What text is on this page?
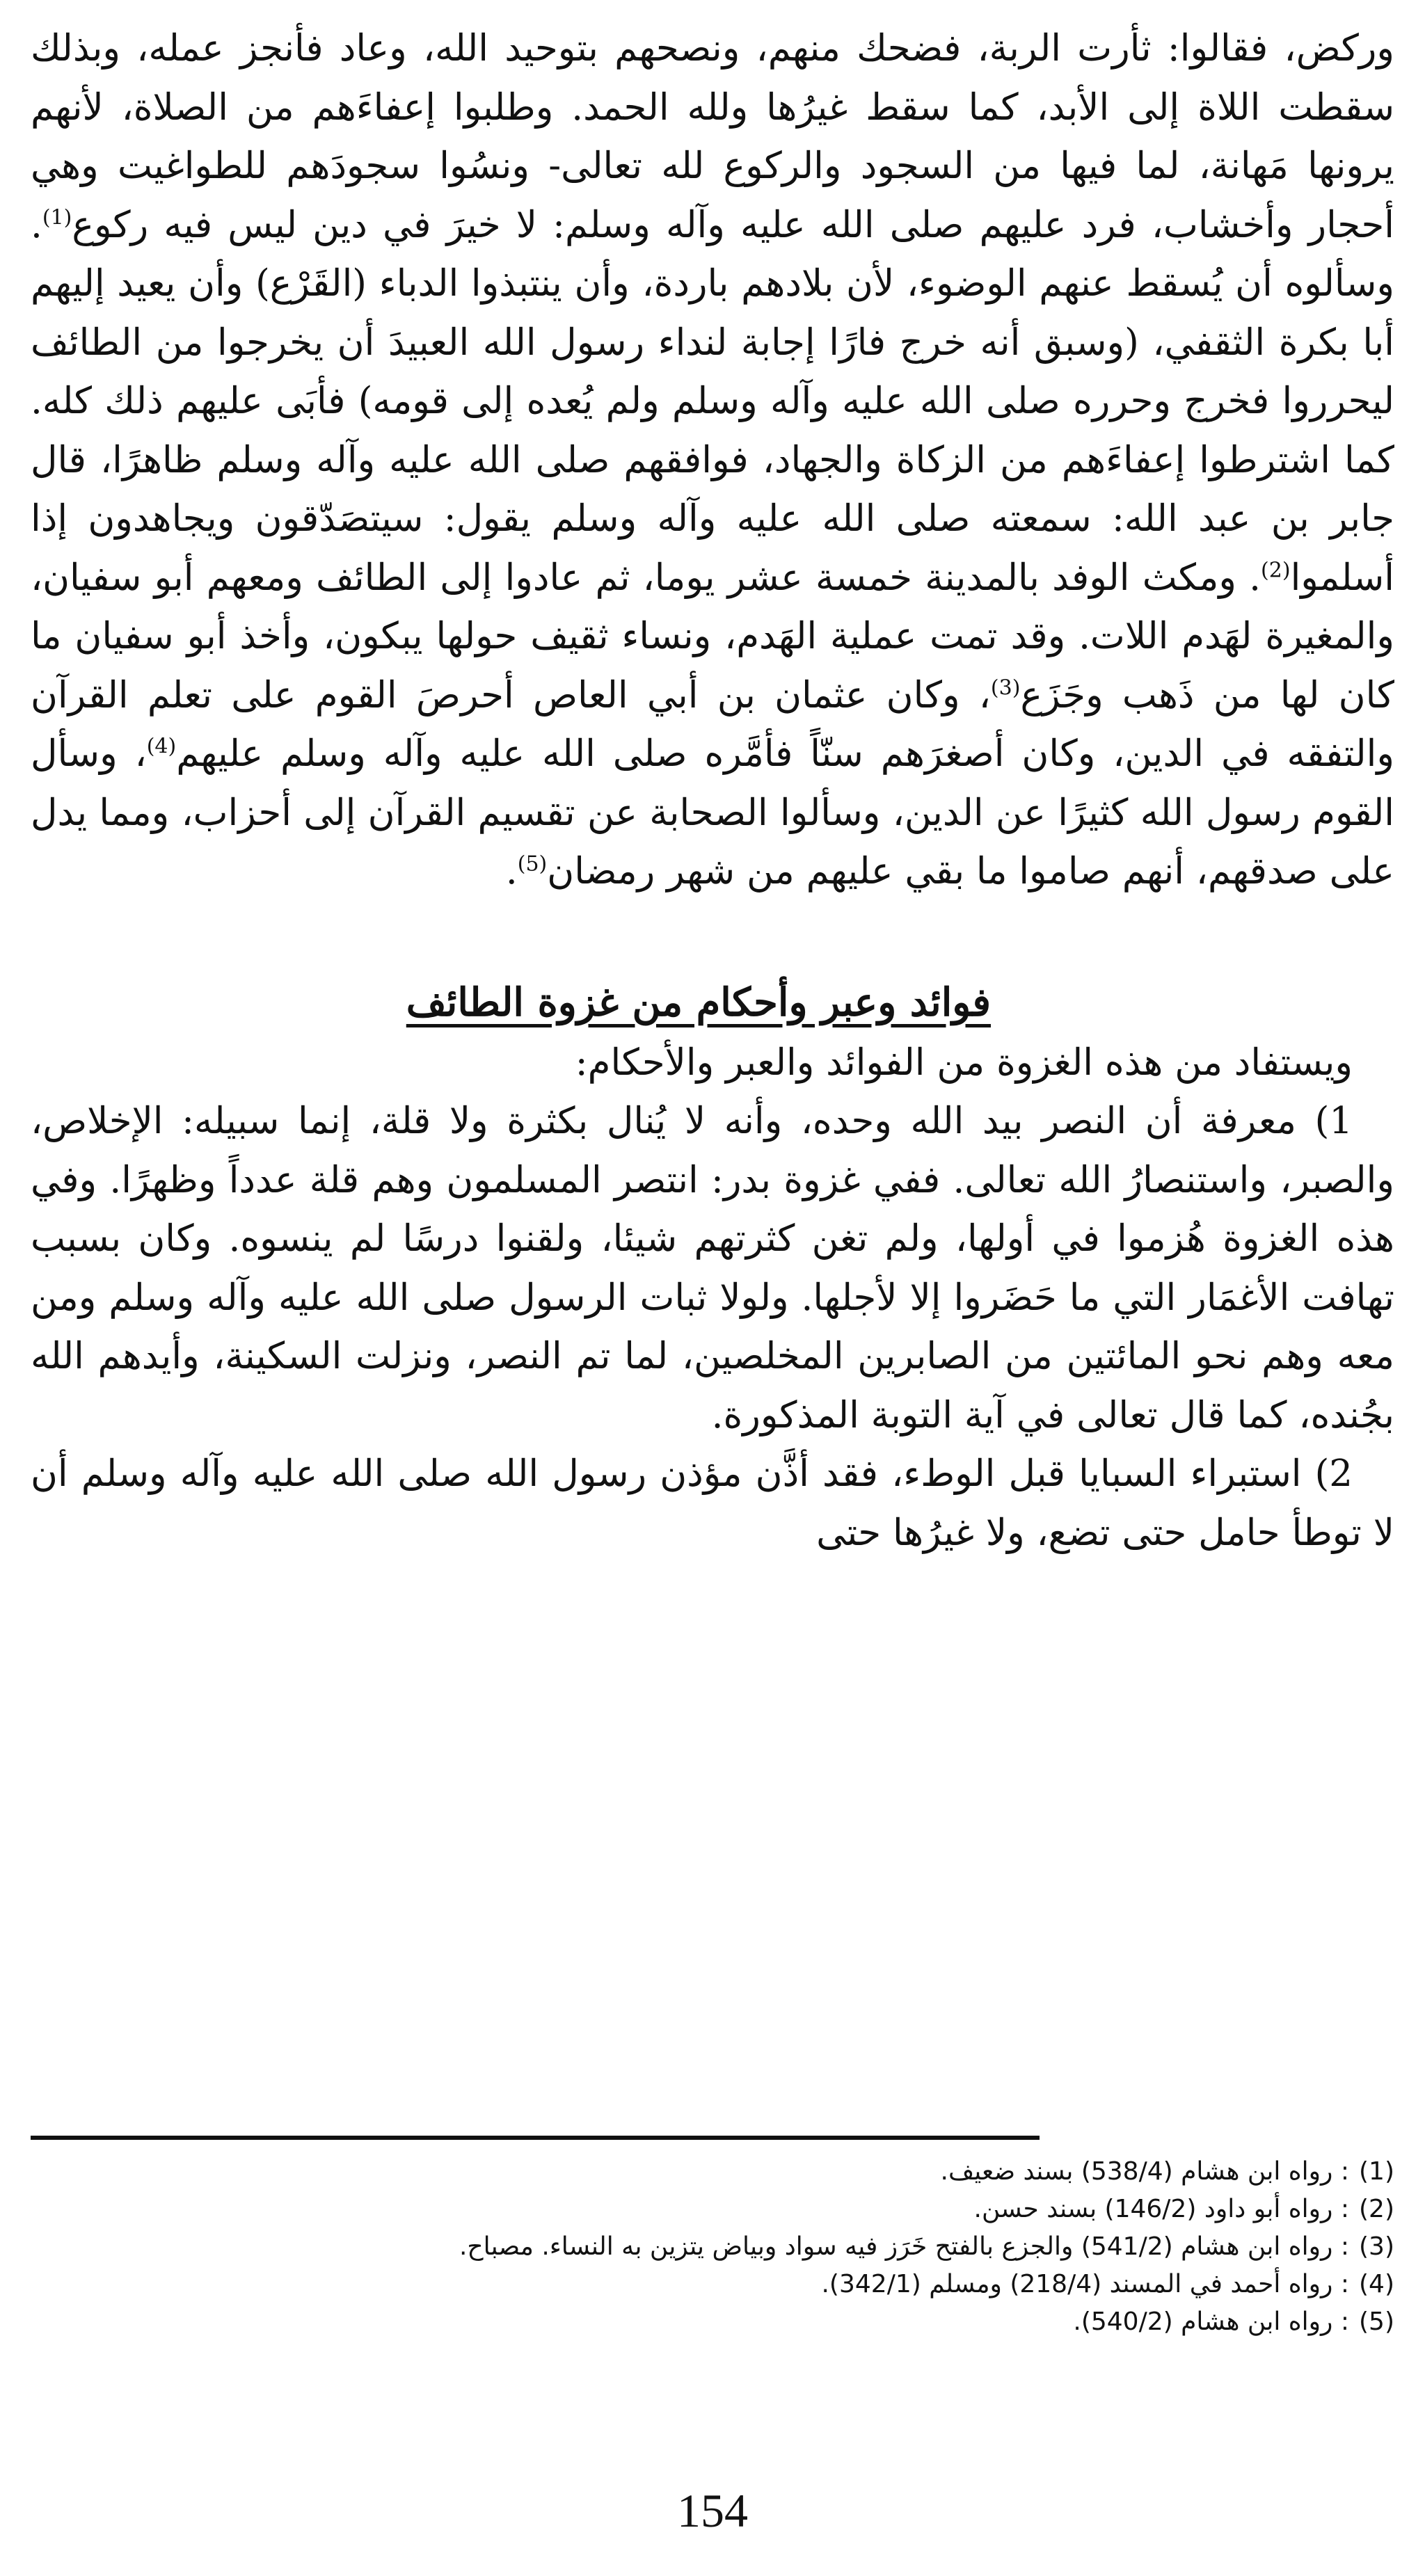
وركض، فقالوا: ثأرت الربة، فضحك منهم، ونصحهم بتوحيد الله، وعاد فأنجز عمله، وبذلك سقطت اللاة إلى الأبد، كما سقط غيرُها ولله الحمد. وطلبوا إعفاءَهم من الصلاة، لأنهم يرونها مَهانة، لما فيها من السجود والركوع لله تعالى- ونسُوا سجودَهم للطواغيت وهي أحجار وأخشاب، فرد عليهم صلى الله عليه وآله وسلم: لا خيرَ في دين ليس فيه ركوع$^{(1)}$. وسألوه أن يُسقط عنهم الوضوء، لأن بلادهم باردة، وأن ينتبذوا الدباء (القَرْع) وأن يعيد إليهم أبا بكرة الثقفي، (وسبق أنه خرج فارًا إجابة لنداء رسول الله العبيدَ أن يخرجوا من الطائف ليحرروا فخرج وحرره صلى الله عليه وآله وسلم ولم يُعده إلى قومه) فأبَى عليهم ذلك كله. كما اشترطوا إعفاءَهم من الزكاة والجهاد، فوافقهم صلى الله عليه وآله وسلم ظاهرًا، قال جابر بن عبد الله: سمعته صلى الله عليه وآله وسلم يقول: سيتصَدّقون ويجاهدون إذا أسلموا$^{(2)}$. ومكث الوفد بالمدينة خمسة عشر يوما، ثم عادوا إلى الطائف ومعهم أبو سفيان، والمغيرة لهَدم اللات. وقد تمت عملية الهَدم، ونساء ثقيف حولها يبكون، وأخذ أبو سفيان ما كان لها من ذَهب وجَزَع$^{(3)}$، وكان عثمان بن أبي العاص أحرصَ القوم على تعلم القرآن والتفقه في الدين، وكان أصغرَهم سنّاً فأمَّره صلى الله عليه وآله وسلم عليهم$^{(4)}$، وسأل القوم رسول الله كثيرًا عن الدين، وسألوا الصحابة عن تقسيم القرآن إلى أحزاب، ومما يدل على صدقهم، أنهم صاموا ما بقي عليهم من شهر رمضان$^{(5)}$.

فوائد وعبر وأحكام من غزوة الطائف

ويستفاد من هذه الغزوة من الفوائد والعبر والأحكام:

1) معرفة أن النصر بيد الله وحده، وأنه لا يُنال بكثرة ولا قلة، إنما سبيله: الإخلاص، والصبر، واستنصارُ الله تعالى. ففي غزوة بدر: انتصر المسلمون وهم قلة عدداً وظهرًا. وفي هذه الغزوة هُزموا في أولها، ولم تغن كثرتهم شيئا، ولقنوا درسًا لم ينسوه. وكان بسبب تهافت الأغمَار التي ما حَضَروا إلا لأجلها. ولولا ثبات الرسول صلى الله عليه وآله وسلم ومن معه وهم نحو المائتين من الصابرين المخلصين، لما تم النصر، ونزلت السكينة، وأيدهم الله بجُنده، كما قال تعالى في آية التوبة المذكورة.

2) استبراء السبايا قبل الوطء، فقد أذَّن مؤذن رسول الله صلى الله عليه وآله وسلم أن لا توطأ حامل حتى تضع، ولا غيرُها حتى

(1): رواه ابن هشام (538/4) بسند ضعيف.
(2): رواه أبو داود (146/2) بسند حسن.
(3): رواه ابن هشام (541/2) والجزع بالفتح خَرَز فيه سواد وبياض يتزين به النساء. مصباح.
(4): رواه أحمد في المسند (218/4) ومسلم (342/1).
(5): رواه ابن هشام (540/2).
154
